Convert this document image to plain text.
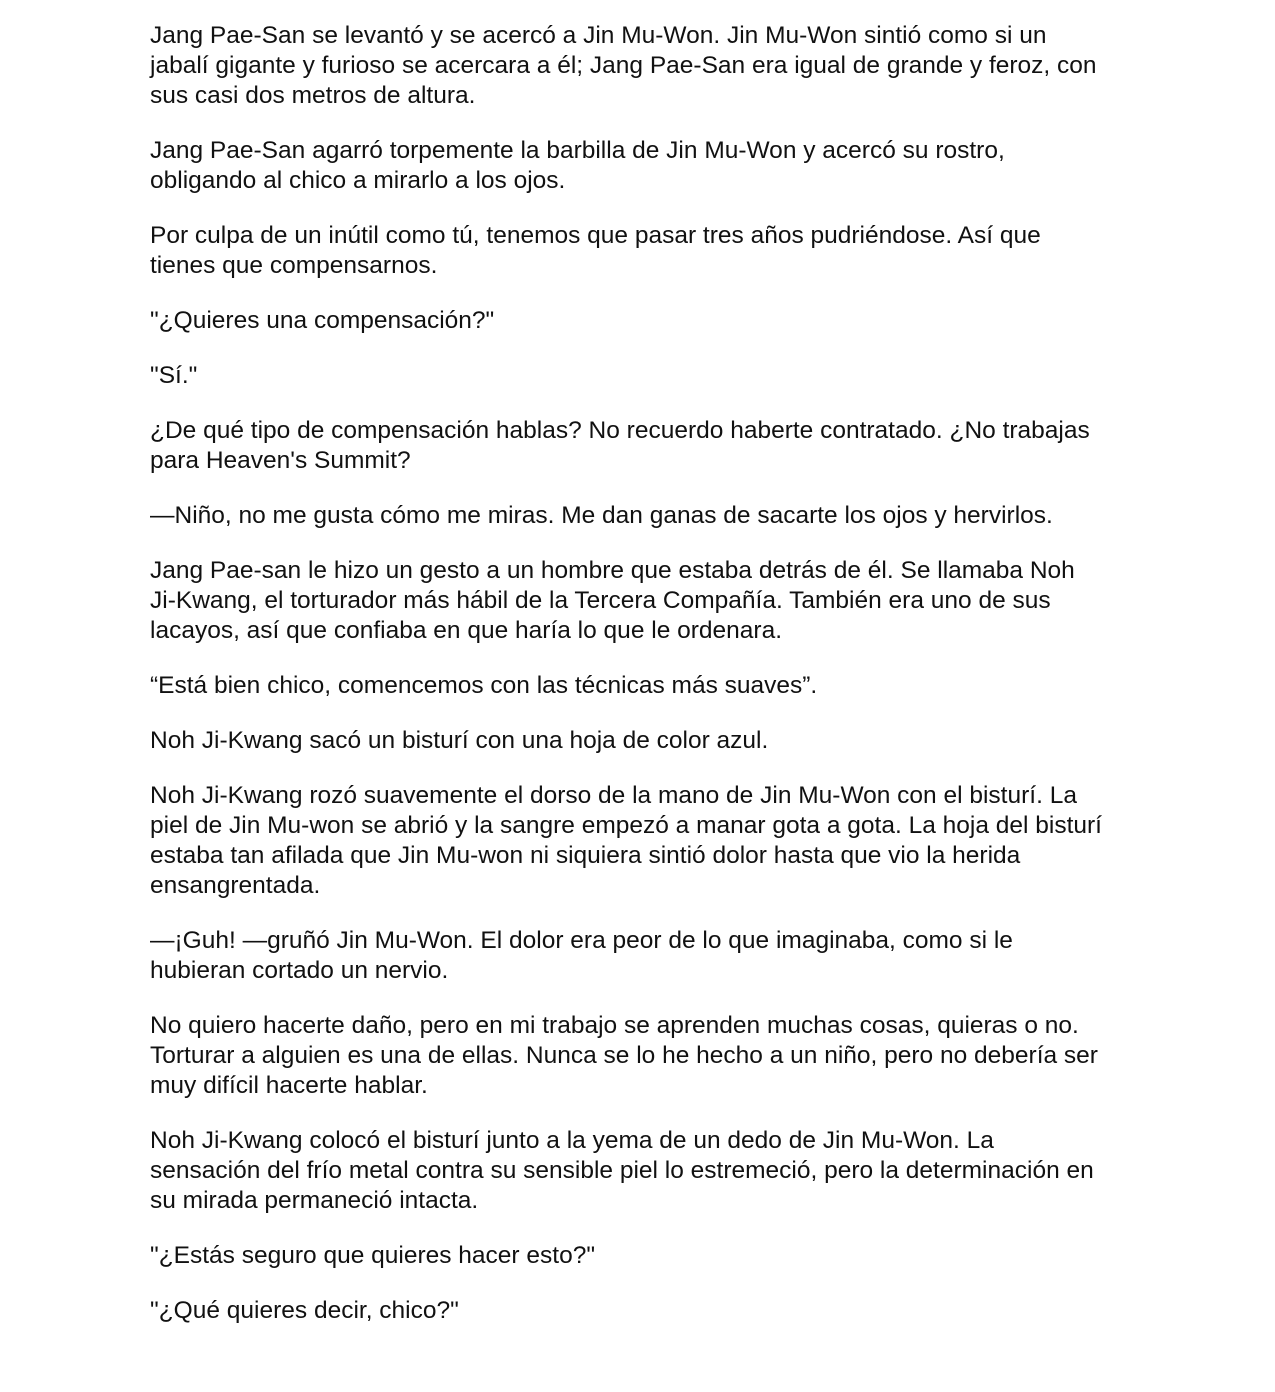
Jang Pae-San se levantó y se acercó a Jin Mu-Won. Jin Mu-Won sintió como si un
jabalí gigante y furioso se acercara a él; Jang Pae-San era igual de grande y feroz, con
sus casi dos metros de altura.

Jang Pae-San agarró torpemente la barbilla de Jin Mu-Won y acercó su rostro,
obligando al chico a mirarlo a los ojos.

Por culpa de un inútil como tú, tenemos que pasar tres años pudriéndose. Así que
tienes que compensarnos.

"¿Quieres una compensación?"

"Sí."

¿De qué tipo de compensación hablas? No recuerdo haberte contratado. ¿No trabajas
para Heaven's Summit?

—Niño, no me gusta cómo me miras. Me dan ganas de sacarte los ojos y hervirlos.

Jang Pae-san le hizo un gesto a un hombre que estaba detrás de él. Se llamaba Noh
Ji-Kwang, el torturador más hábil de la Tercera Compañía. También era uno de sus
lacayos, así que confiaba en que haría lo que le ordenara.

“Está bien chico, comencemos con las técnicas más suaves”.

Noh Ji-Kwang sacó un bisturí con una hoja de color azul.

Noh Ji-Kwang rozó suavemente el dorso de la mano de Jin Mu-Won con el bisturí. La
piel de Jin Mu-won se abrió y la sangre empezó a manar gota a gota. La hoja del bisturí
estaba tan afilada que Jin Mu-won ni siquiera sintió dolor hasta que vio la herida
ensangrentada.

—¡Guh! —gruñó Jin Mu-Won. El dolor era peor de lo que imaginaba, como si le
hubieran cortado un nervio.

No quiero hacerte daño, pero en mi trabajo se aprenden muchas cosas, quieras o no.
Torturar a alguien es una de ellas. Nunca se lo he hecho a un niño, pero no debería ser
muy difícil hacerte hablar.

Noh Ji-Kwang colocó el bisturí junto a la yema de un dedo de Jin Mu-Won. La
sensación del frío metal contra su sensible piel lo estremeció, pero la determinación en
su mirada permaneció intacta.

"¿Estás seguro que quieres hacer esto?"

"¿Qué quieres decir, chico?"
